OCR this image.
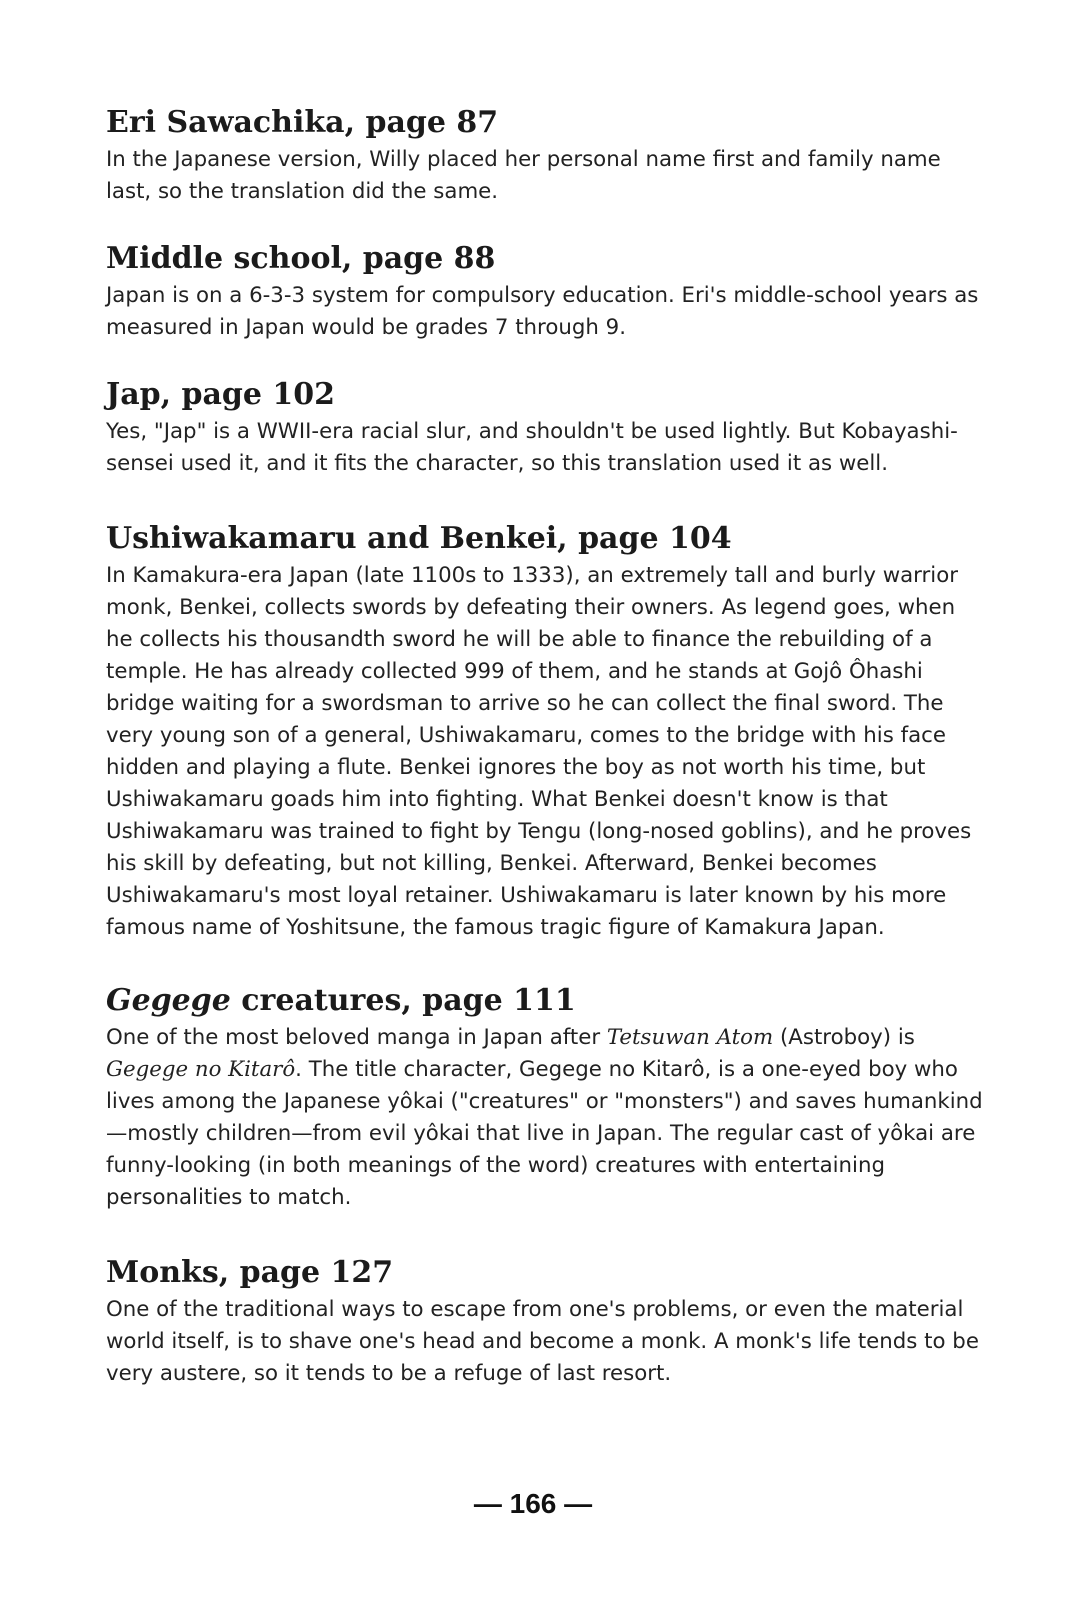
Eri Sawachika, page 87

In the Japanese version, Willy placed her personal name first and family name last, so the translation did the same.

Middle school, page 88

Japan is on a 6-3-3 system for compulsory education. Eri's middle-school years as measured in Japan would be grades 7 through 9.

Jap, page 102

Yes, "Jap" is a WWII-era racial slur, and shouldn't be used lightly. But Kobayashi-sensei used it, and it fits the character, so this translation used it as well.

Ushiwakamaru and Benkei, page 104

In Kamakura-era Japan (late 1100s to 1333), an extremely tall and burly warrior monk, Benkei, collects swords by defeating their owners. As legend goes, when he collects his thousandth sword he will be able to finance the rebuilding of a temple. He has already collected 999 of them, and he stands at Gojô Ôhashi bridge waiting for a swordsman to arrive so he can collect the final sword. The very young son of a general, Ushiwakamaru, comes to the bridge with his face hidden and playing a flute. Benkei ignores the boy as not worth his time, but Ushiwakamaru goads him into fighting. What Benkei doesn't know is that Ushiwakamaru was trained to fight by Tengu (long-nosed goblins), and he proves his skill by defeating, but not killing, Benkei. Afterward, Benkei becomes Ushiwakamaru's most loyal retainer. Ushiwakamaru is later known by his more famous name of Yoshitsune, the famous tragic figure of Kamakura Japan.

Gegege creatures, page 111

One of the most beloved manga in Japan after Tetsuwan Atom (Astroboy) is Gegege no Kitarô. The title character, Gegege no Kitarô, is a one-eyed boy who lives among the Japanese yôkai ("creatures" or "monsters") and saves humankind—mostly children—from evil yôkai that live in Japan. The regular cast of yôkai are funny-looking (in both meanings of the word) creatures with entertaining personalities to match.

Monks, page 127

One of the traditional ways to escape from one's problems, or even the material world itself, is to shave one's head and become a monk. A monk's life tends to be very austere, so it tends to be a refuge of last resort.

— 166 —
